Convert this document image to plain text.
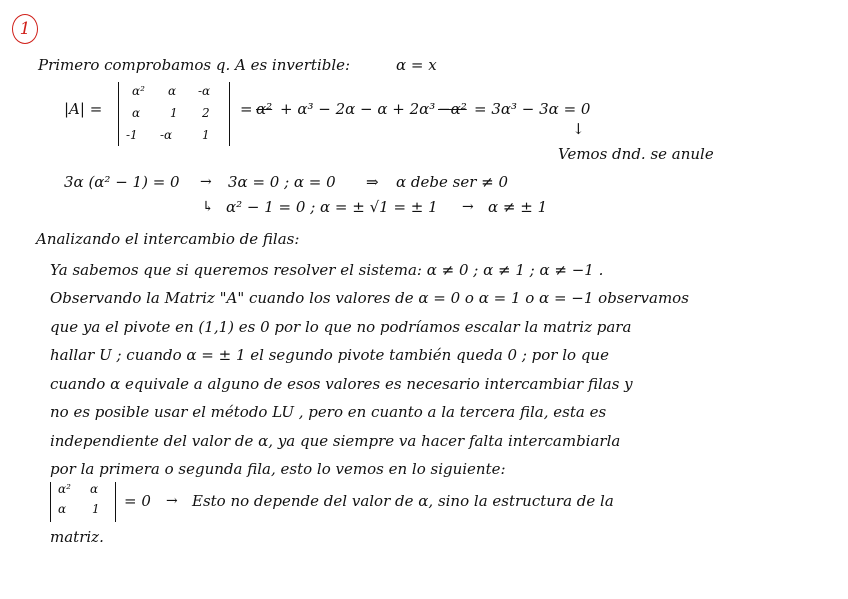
1
Primero comprobamos q. A es invertible:	α = x
|A| =
α² α -α
α 1 2
-1 -α 1
= α² + α³ − 2α − α + 2α³ −α² = 3α³ − 3α = 0
↓
Vemos dnd. se anule
3α (α² − 1) = 0 → 3α = 0 ; α = 0 ⇒ α debe ser ≠ 0
↳ α² − 1 = 0 ; α = ± √1 = ± 1 → α ≠ ± 1
Analizando el intercambio de filas:
Ya sabemos que si queremos resolver el sistema: α ≠ 0 ; α ≠ 1 ; α ≠ −1 .
Observando la Matriz "A" cuando los valores de α = 0 o α = 1 o α = −1 observamos
que ya el pivote en (1,1) es 0 por lo que no podríamos escalar la matriz para
hallar U ; cuando α = ± 1 el segundo pivote también queda 0 ; por lo que
cuando α equivale a alguno de esos valores es necesario intercambiar filas y
no es posible usar el método LU , pero en cuanto a la tercera fila, esta es
independiente del valor de α, ya que siempre va hacer falta intercambiarla
por la primera o segunda fila, esto lo vemos en lo siguiente:
α² α
α 1 = 0 → Esto no depende del valor de α, sino la estructura de la
matriz.
